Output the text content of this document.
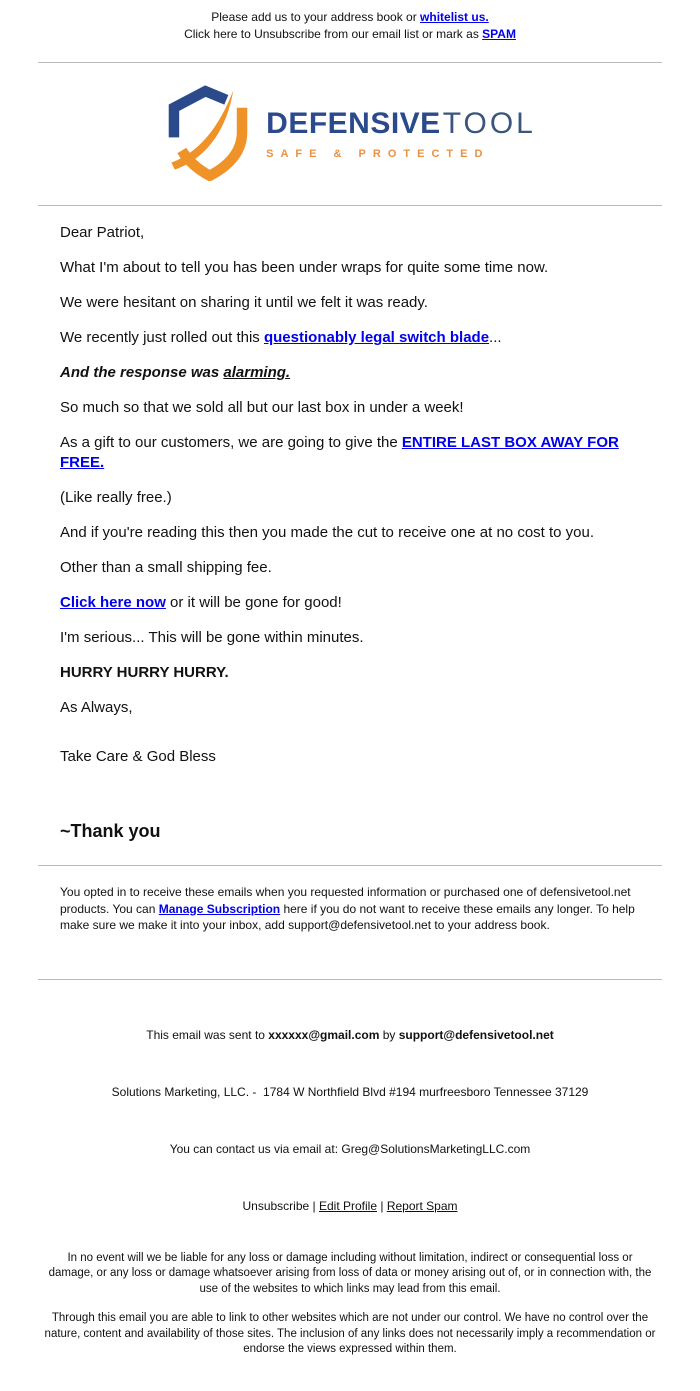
Please add us to your address book or whitelist us.
Click here to Unsubscribe from our email list or mark as SPAM
DEFENSIVE TOOL
SAFE & PROTECTED

Dear Patriot,

What I'm about to tell you has been under wraps for quite some time now.

We were hesitant on sharing it until we felt it was ready.

We recently just rolled out this questionably legal switch blade...

And the response was alarming.

So much so that we sold all but our last box in under a week!

As a gift to our customers, we are going to give the ENTIRE LAST BOX AWAY FOR FREE.

(Like really free.)

And if you're reading this then you made the cut to receive one at no cost to you.

Other than a small shipping fee.

Click here now or it will be gone for good!

I'm serious... This will be gone within minutes.

HURRY HURRY HURRY.

As Always,

Take Care & God Bless

~Thank you

You opted in to receive these emails when you requested information or purchased one of defensivetool.net products. You can Manage Subscription here if you do not want to receive these emails any longer. To help make sure we make it into your inbox, add support@defensivetool.net to your address book.

This email was sent to xxxxxx@gmail.com by support@defensivetool.net

Solutions Marketing, LLC. -  1784 W Northfield Blvd #194 murfreesboro Tennessee 37129

You can contact us via email at: Greg@SolutionsMarketingLLC.com

Unsubscribe | Edit Profile | Report Spam

In no event will we be liable for any loss or damage including without limitation, indirect or consequential loss or damage, or any loss or damage whatsoever arising from loss of data or money arising out of, or in connection with, the use of the websites to which links may lead from this email.

Through this email you are able to link to other websites which are not under our control. We have no control over the nature, content and availability of those sites. The inclusion of any links does not necessarily imply a recommendation or endorse the views expressed within them.
